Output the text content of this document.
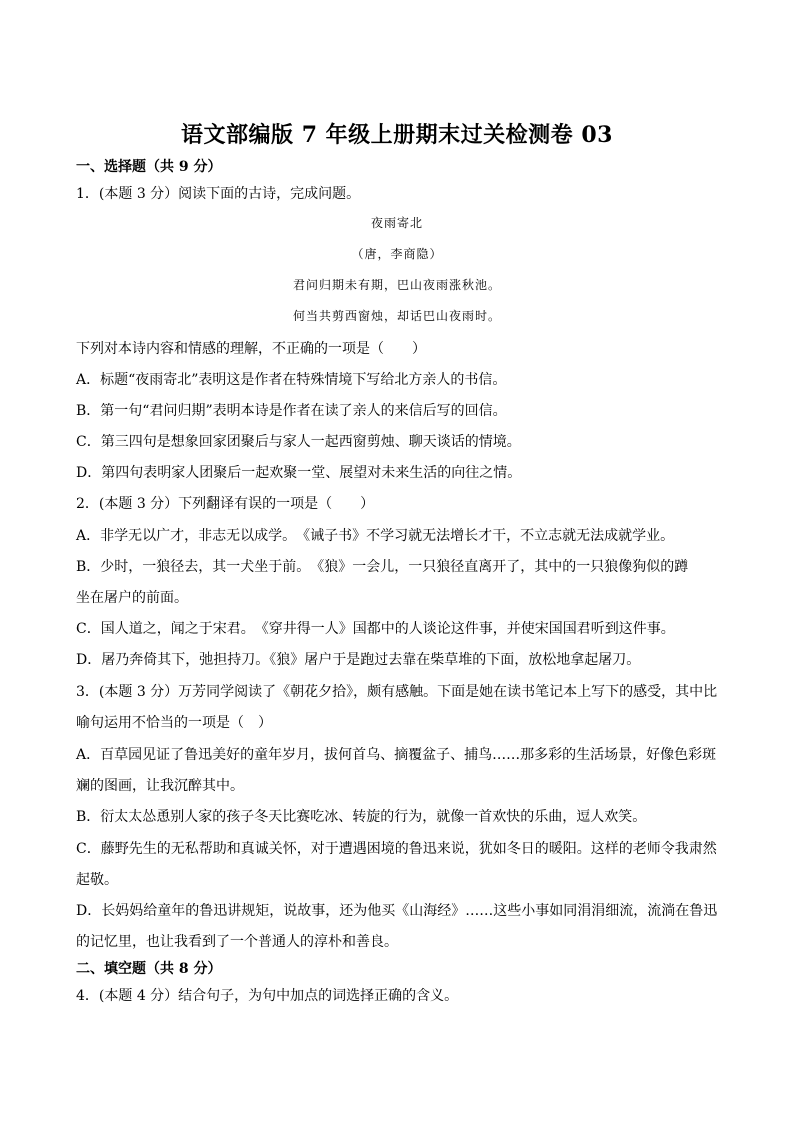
语文部编版 7 年级上册期末过关检测卷 03
一、选择题（共 9 分）
1．(本题 3 分）阅读下面的古诗，完成问题。
夜雨寄北
（唐，李商隐）
君问归期未有期，巴山夜雨涨秋池。
何当共剪西窗烛，却话巴山夜雨时。
下列对本诗内容和情感的理解，不正确的一项是（　　）
A．标题“夜雨寄北”表明这是作者在特殊情境下写给北方亲人的书信。
B．第一句“君问归期”表明本诗是作者在读了亲人的来信后写的回信。
C．第三四句是想象回家团聚后与家人一起西窗剪烛、聊天谈话的情境。
D．第四句表明家人团聚后一起欢聚一堂、展望对未来生活的向往之情。
2．(本题 3 分）下列翻译有误的一项是（　　）
A．非学无以广才，非志无以成学。　《诫子书》不学习就无法增长才干，不立志就无法成就学业。
B．少时，一狼径去，其一犬坐于前。　《狼》一会儿，一只狼径直离开了，其中的一只狼像狗似的蹲
坐在屠户的前面。
C．国人道之，闻之于宋君。　《穿井得一人》国都中的人谈论这件事，并使宋国国君听到这件事。
D．屠乃奔倚其下，弛担持刀。《狼》屠户于是跑过去靠在柴草堆的下面，放松地拿起屠刀。
3．(本题 3 分）万芳同学阅读了《朝花夕拾》，颇有感触。下面是她在读书笔记本上写下的感受，其中比
喻句运用不恰当的一项是（　）
A．百草园见证了鲁迅美好的童年岁月，拔何首乌、摘覆盆子、捕鸟……那多彩的生活场景，好像色彩斑
斓的图画，让我沉醉其中。
B．衍太太怂恿别人家的孩子冬天比赛吃冰、转旋的行为，就像一首欢快的乐曲，逗人欢笑。
C．藤野先生的无私帮助和真诚关怀，对于遭遇困境的鲁迅来说，犹如冬日的暖阳。这样的老师令我肃然
起敬。
D．长妈妈给童年的鲁迅讲规矩，说故事，还为他买《山海经》……这些小事如同涓涓细流，流淌在鲁迅
的记忆里，也让我看到了一个普通人的淳朴和善良。
二、填空题（共 8 分）
4．(本题 4 分）结合句子，为句中加点的词选择正确的含义。
